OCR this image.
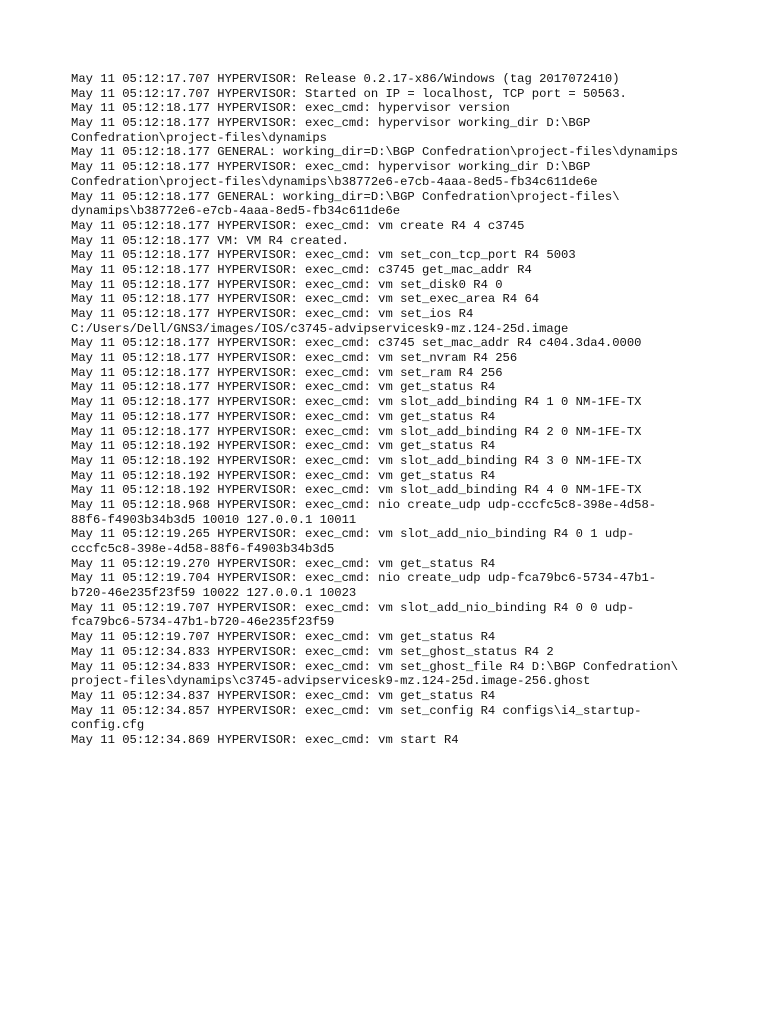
May 11 05:12:17.707 HYPERVISOR: Release 0.2.17-x86/Windows (tag 2017072410)
May 11 05:12:17.707 HYPERVISOR: Started on IP = localhost, TCP port = 50563.
May 11 05:12:18.177 HYPERVISOR: exec_cmd: hypervisor version
May 11 05:12:18.177 HYPERVISOR: exec_cmd: hypervisor working_dir D:\BGP
Confedration\project-files\dynamips
May 11 05:12:18.177 GENERAL: working_dir=D:\BGP Confedration\project-files\dynamips
May 11 05:12:18.177 HYPERVISOR: exec_cmd: hypervisor working_dir D:\BGP
Confedration\project-files\dynamips\b38772e6-e7cb-4aaa-8ed5-fb34c611de6e
May 11 05:12:18.177 GENERAL: working_dir=D:\BGP Confedration\project-files\
dynamips\b38772e6-e7cb-4aaa-8ed5-fb34c611de6e
May 11 05:12:18.177 HYPERVISOR: exec_cmd: vm create R4 4 c3745
May 11 05:12:18.177 VM: VM R4 created.
May 11 05:12:18.177 HYPERVISOR: exec_cmd: vm set_con_tcp_port R4 5003
May 11 05:12:18.177 HYPERVISOR: exec_cmd: c3745 get_mac_addr R4
May 11 05:12:18.177 HYPERVISOR: exec_cmd: vm set_disk0 R4 0
May 11 05:12:18.177 HYPERVISOR: exec_cmd: vm set_exec_area R4 64
May 11 05:12:18.177 HYPERVISOR: exec_cmd: vm set_ios R4
C:/Users/Dell/GNS3/images/IOS/c3745-advipservicesk9-mz.124-25d.image
May 11 05:12:18.177 HYPERVISOR: exec_cmd: c3745 set_mac_addr R4 c404.3da4.0000
May 11 05:12:18.177 HYPERVISOR: exec_cmd: vm set_nvram R4 256
May 11 05:12:18.177 HYPERVISOR: exec_cmd: vm set_ram R4 256
May 11 05:12:18.177 HYPERVISOR: exec_cmd: vm get_status R4
May 11 05:12:18.177 HYPERVISOR: exec_cmd: vm slot_add_binding R4 1 0 NM-1FE-TX
May 11 05:12:18.177 HYPERVISOR: exec_cmd: vm get_status R4
May 11 05:12:18.177 HYPERVISOR: exec_cmd: vm slot_add_binding R4 2 0 NM-1FE-TX
May 11 05:12:18.192 HYPERVISOR: exec_cmd: vm get_status R4
May 11 05:12:18.192 HYPERVISOR: exec_cmd: vm slot_add_binding R4 3 0 NM-1FE-TX
May 11 05:12:18.192 HYPERVISOR: exec_cmd: vm get_status R4
May 11 05:12:18.192 HYPERVISOR: exec_cmd: vm slot_add_binding R4 4 0 NM-1FE-TX
May 11 05:12:18.968 HYPERVISOR: exec_cmd: nio create_udp udp-cccfc5c8-398e-4d58-
88f6-f4903b34b3d5 10010 127.0.0.1 10011
May 11 05:12:19.265 HYPERVISOR: exec_cmd: vm slot_add_nio_binding R4 0 1 udp-
cccfc5c8-398e-4d58-88f6-f4903b34b3d5
May 11 05:12:19.270 HYPERVISOR: exec_cmd: vm get_status R4
May 11 05:12:19.704 HYPERVISOR: exec_cmd: nio create_udp udp-fca79bc6-5734-47b1-
b720-46e235f23f59 10022 127.0.0.1 10023
May 11 05:12:19.707 HYPERVISOR: exec_cmd: vm slot_add_nio_binding R4 0 0 udp-
fca79bc6-5734-47b1-b720-46e235f23f59
May 11 05:12:19.707 HYPERVISOR: exec_cmd: vm get_status R4
May 11 05:12:34.833 HYPERVISOR: exec_cmd: vm set_ghost_status R4 2
May 11 05:12:34.833 HYPERVISOR: exec_cmd: vm set_ghost_file R4 D:\BGP Confedration\
project-files\dynamips\c3745-advipservicesk9-mz.124-25d.image-256.ghost
May 11 05:12:34.837 HYPERVISOR: exec_cmd: vm get_status R4
May 11 05:12:34.857 HYPERVISOR: exec_cmd: vm set_config R4 configs\i4_startup-
config.cfg
May 11 05:12:34.869 HYPERVISOR: exec_cmd: vm start R4
